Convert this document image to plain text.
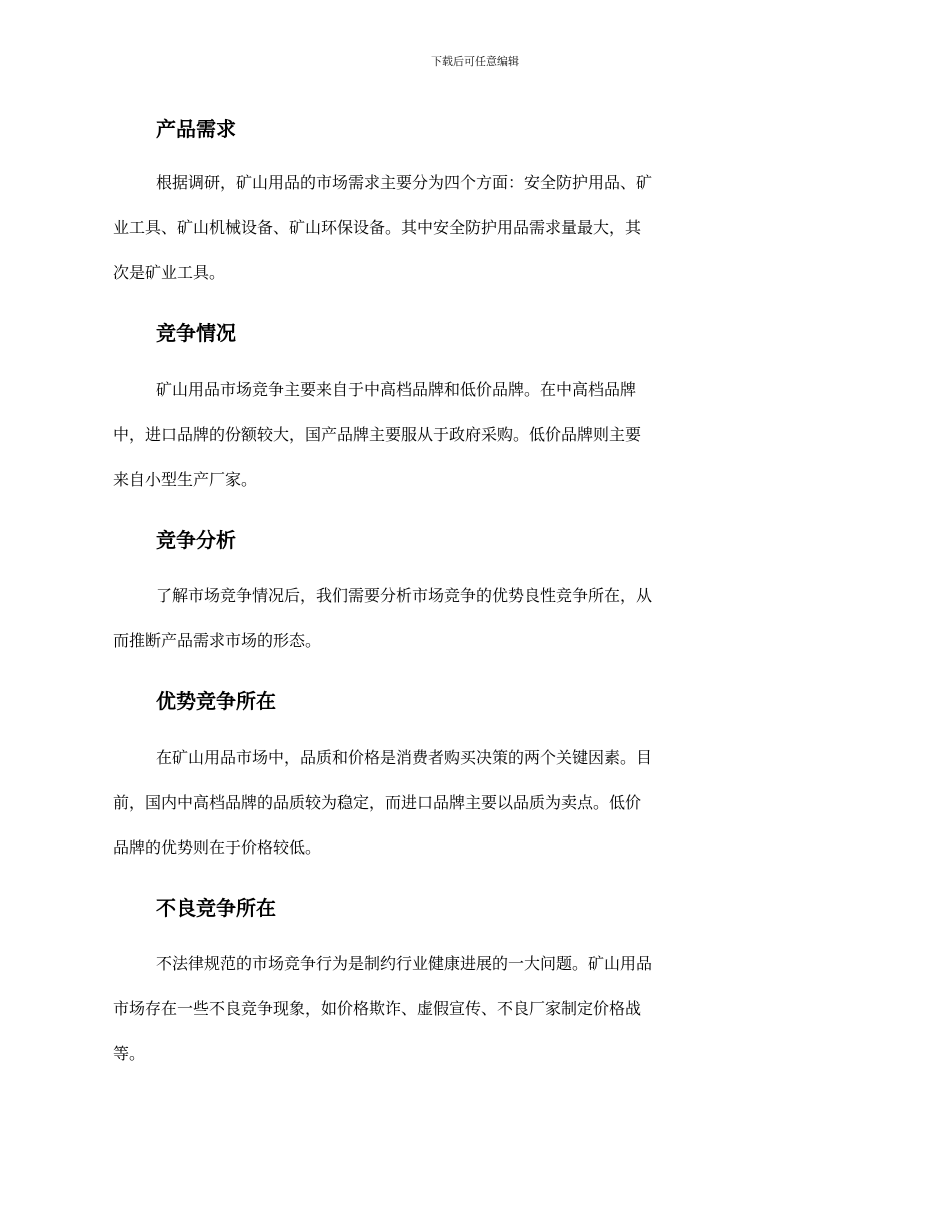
下载后可任意编辑
产品需求
根据调研，矿山用品的市场需求主要分为四个方面：安全防护用品、矿
业工具、矿山机械设备、矿山环保设备。其中安全防护用品需求量最大，其
次是矿业工具。
竞争情况
矿山用品市场竞争主要来自于中高档品牌和低价品牌。在中高档品牌
中，进口品牌的份额较大，国产品牌主要服从于政府采购。低价品牌则主要
来自小型生产厂家。
竞争分析
了解市场竞争情况后，我们需要分析市场竞争的优势良性竞争所在，从
而推断产品需求市场的形态。
优势竞争所在
在矿山用品市场中，品质和价格是消费者购买决策的两个关键因素。目
前，国内中高档品牌的品质较为稳定，而进口品牌主要以品质为卖点。低价
品牌的优势则在于价格较低。
不良竞争所在
不法律规范的市场竞争行为是制约行业健康进展的一大问题。矿山用品
市场存在一些不良竞争现象，如价格欺诈、虚假宣传、不良厂家制定价格战
等。
